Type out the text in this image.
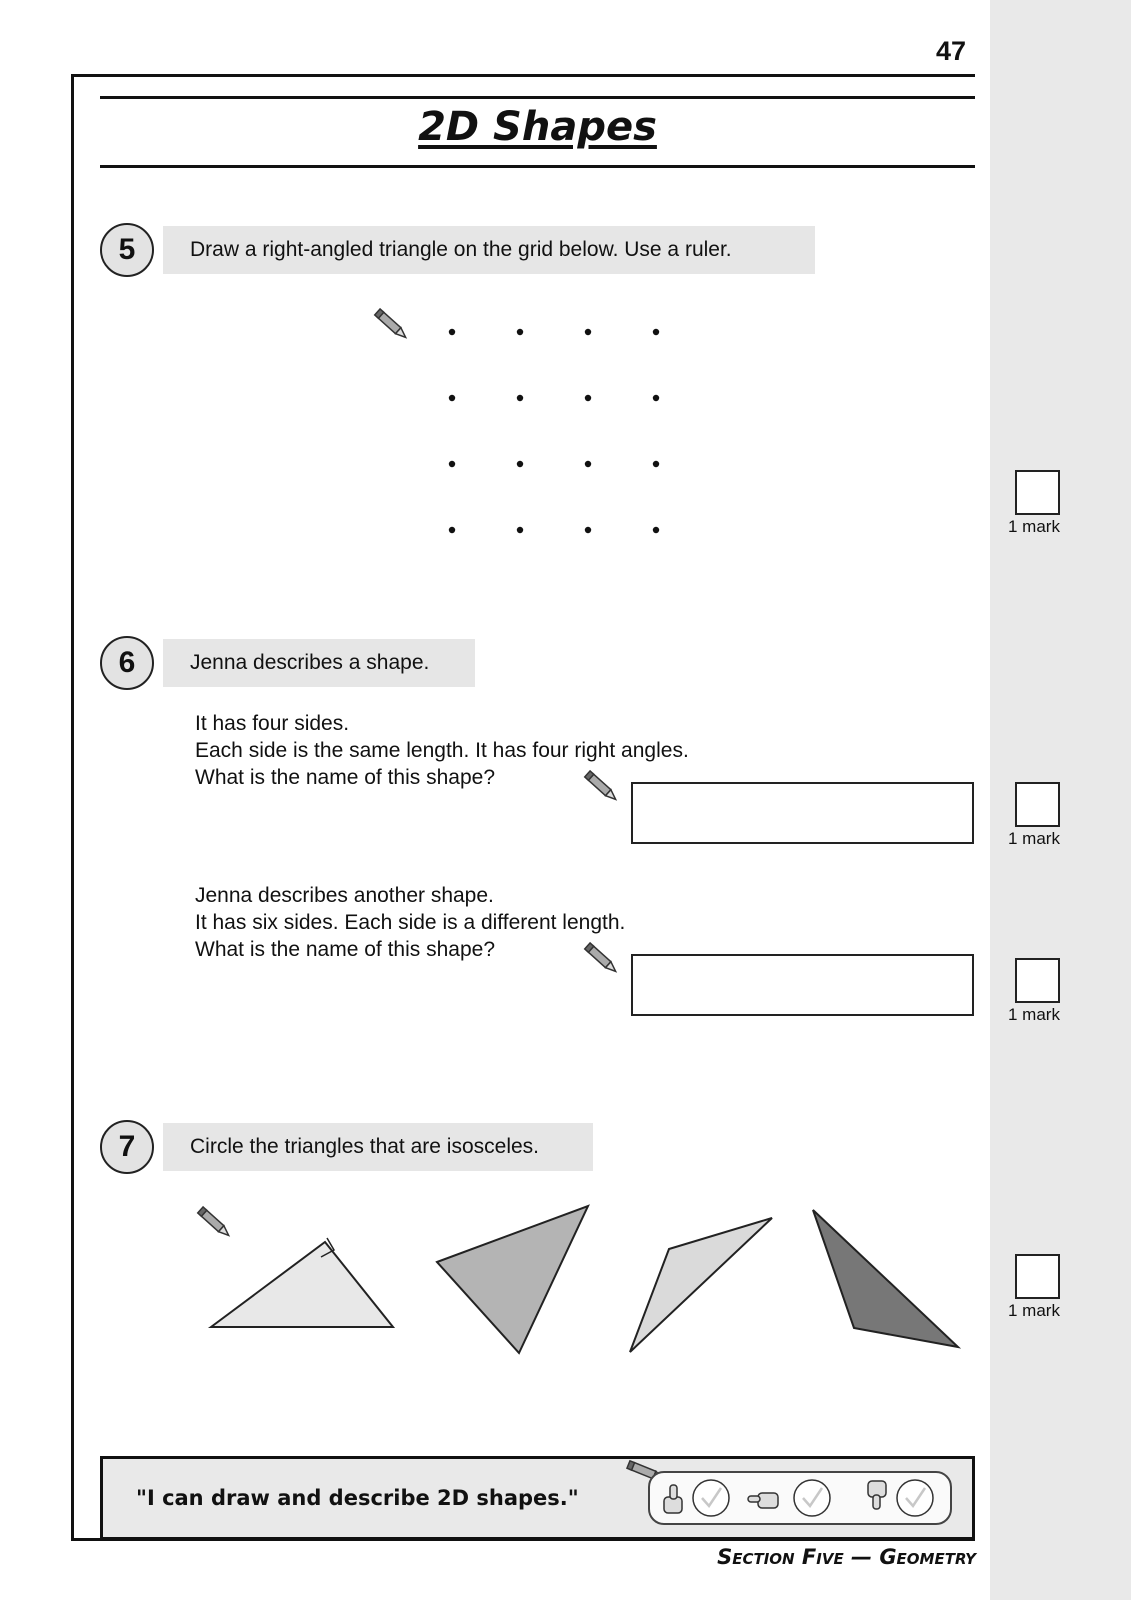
47
2D Shapes
5	Draw a right-angled triangle on the grid below. Use a ruler.
1 mark
6	Jenna describes a shape.
It has four sides.
Each side is the same length. It has four right angles.
What is the name of this shape?
1 mark
Jenna describes another shape.
It has six sides. Each side is a different length.
What is the name of this shape?
1 mark
7	Circle the triangles that are isosceles.
1 mark
"I can draw and describe 2D shapes."
Section Five — Geometry
